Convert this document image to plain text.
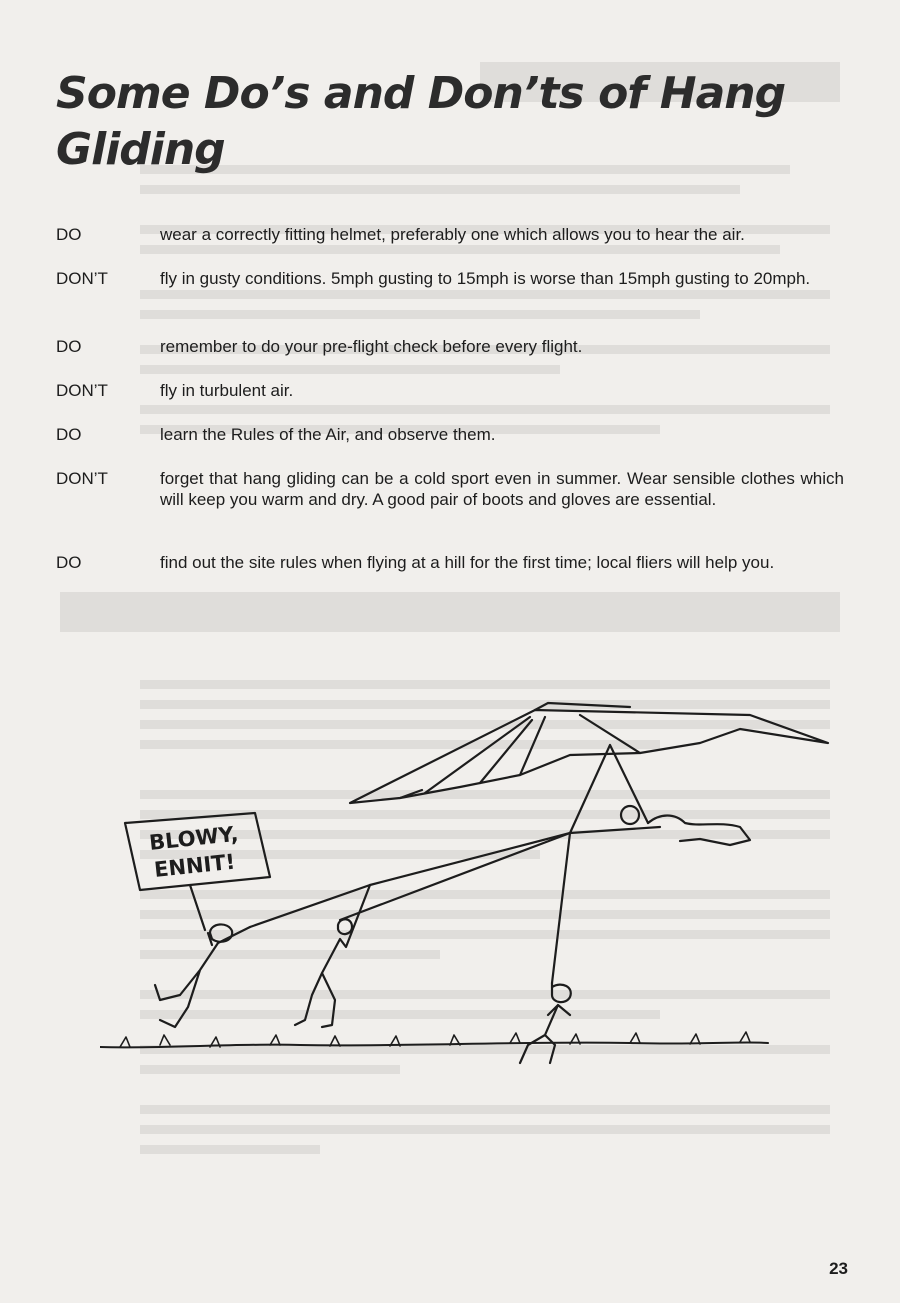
Some Do’s and Don’ts of Hang Gliding
DO	wear a correctly fitting helmet, preferably one which allows you to hear the air.
DON’T	fly in gusty conditions. 5mph gusting to 15mph is worse than 15mph gusting to 20mph.
DO	remember to do your pre-flight check before every flight.
DON’T	fly in turbulent air.
DO	learn the Rules of the Air, and observe them.
DON’T	forget that hang gliding can be a cold sport even in summer. Wear sensible clothes which will keep you warm and dry. A good pair of boots and gloves are essential.
DO	find out the site rules when flying at a hill for the first time; local fliers will help you.
BLOWY,
ENNIT!
23
